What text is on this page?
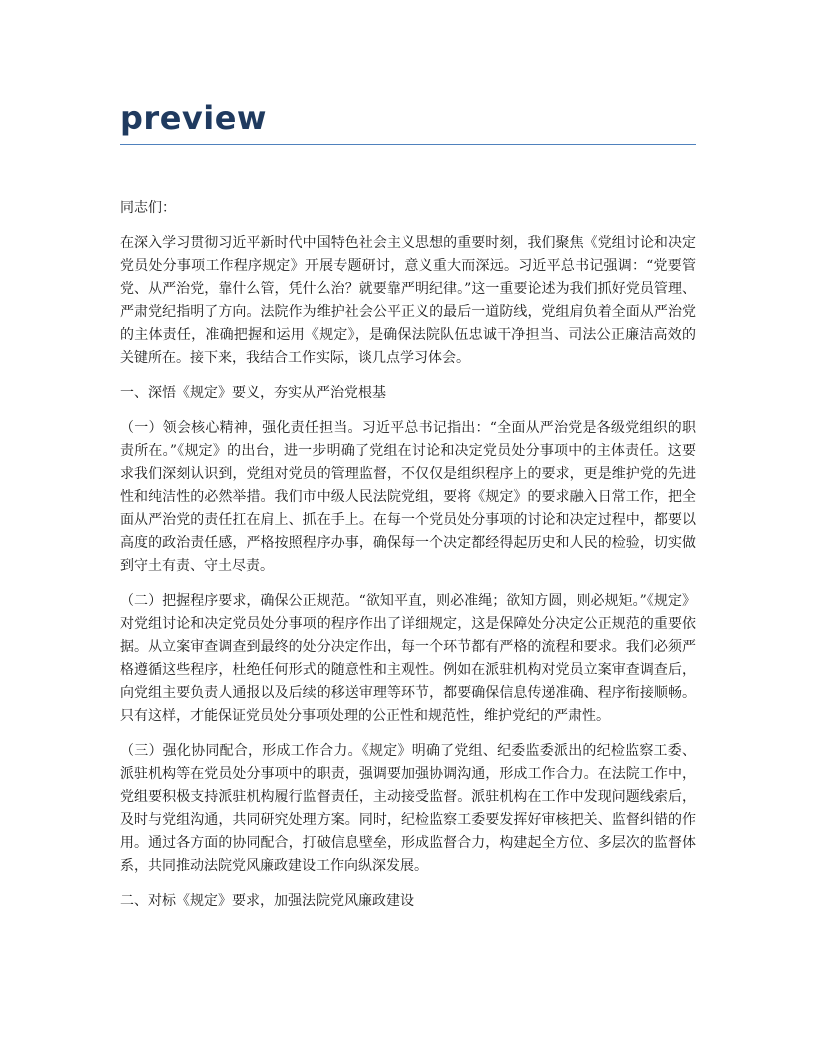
preview

同志们：

在深入学习贯彻习近平新时代中国特色社会主义思想的重要时刻，我们聚焦《党组讨论和决定党员处分事项工作程序规定》开展专题研讨，意义重大而深远。习近平总书记强调：“党要管党、从严治党，靠什么管，凭什么治？就要靠严明纪律。”这一重要论述为我们抓好党员管理、严肃党纪指明了方向。法院作为维护社会公平正义的最后一道防线，党组肩负着全面从严治党的主体责任，准确把握和运用《规定》，是确保法院队伍忠诚干净担当、司法公正廉洁高效的关键所在。接下来，我结合工作实际，谈几点学习体会。

一、深悟《规定》要义，夯实从严治党根基

（一）领会核心精神，强化责任担当。习近平总书记指出：“全面从严治党是各级党组织的职责所在。”《规定》的出台，进一步明确了党组在讨论和决定党员处分事项中的主体责任。这要求我们深刻认识到，党组对党员的管理监督，不仅仅是组织程序上的要求，更是维护党的先进性和纯洁性的必然举措。我们市中级人民法院党组，要将《规定》的要求融入日常工作，把全面从严治党的责任扛在肩上、抓在手上。在每一个党员处分事项的讨论和决定过程中，都要以高度的政治责任感，严格按照程序办事，确保每一个决定都经得起历史和人民的检验，切实做到守土有责、守土尽责。

（二）把握程序要求，确保公正规范。“欲知平直，则必准绳；欲知方圆，则必规矩。”《规定》对党组讨论和决定党员处分事项的程序作出了详细规定，这是保障处分决定公正规范的重要依据。从立案审查调查到最终的处分决定作出，每一个环节都有严格的流程和要求。我们必须严格遵循这些程序，杜绝任何形式的随意性和主观性。例如在派驻机构对党员立案审查调查后，向党组主要负责人通报以及后续的移送审理等环节，都要确保信息传递准确、程序衔接顺畅。只有这样，才能保证党员处分事项处理的公正性和规范性，维护党纪的严肃性。

（三）强化协同配合，形成工作合力。《规定》明确了党组、纪委监委派出的纪检监察工委、派驻机构等在党员处分事项中的职责，强调要加强协调沟通，形成工作合力。在法院工作中，党组要积极支持派驻机构履行监督责任，主动接受监督。派驻机构在工作中发现问题线索后，及时与党组沟通，共同研究处理方案。同时，纪检监察工委要发挥好审核把关、监督纠错的作用。通过各方面的协同配合，打破信息壁垒，形成监督合力，构建起全方位、多层次的监督体系，共同推动法院党风廉政建设工作向纵深发展。

二、对标《规定》要求，加强法院党风廉政建设
